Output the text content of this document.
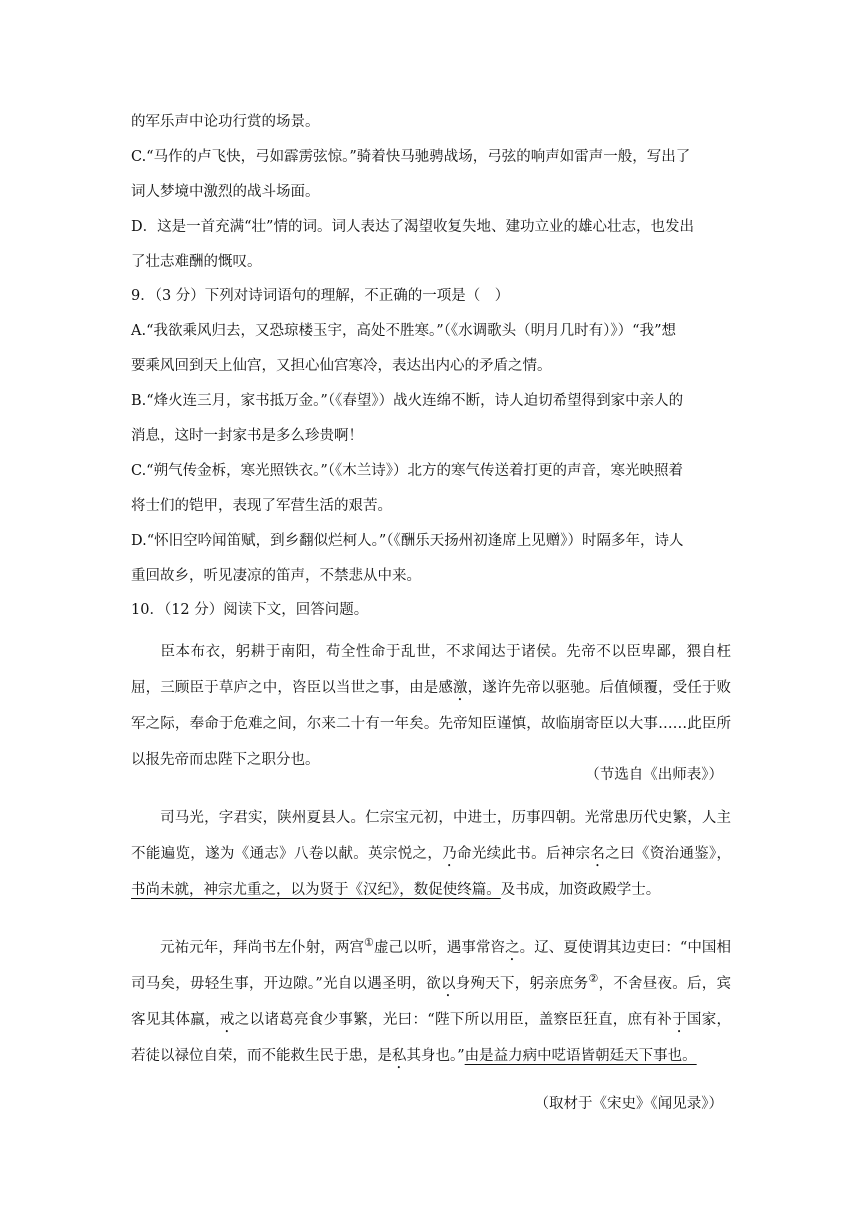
的军乐声中论功行赏的场景。
C.“马作的卢飞快，弓如霹雳弦惊。”骑着快马驰骋战场，弓弦的响声如雷声一般，写出了
词人梦境中激烈的战斗场面。
D．这是一首充满“壮”情的词。词人表达了渴望收复失地、建功立业的雄心壮志，也发出
了壮志难酬的慨叹。
9．（3 分）下列对诗词语句的理解，不正确的一项是（　）
A.“我欲乘风归去，又恐琼楼玉宇，高处不胜寒。”（《水调歌头（明月几时有）》）“我”想
要乘风回到天上仙宫，又担心仙宫寒冷，表达出内心的矛盾之情。
B.“烽火连三月，家书抵万金。”（《春望》）战火连绵不断，诗人迫切希望得到家中亲人的
消息，这时一封家书是多么珍贵啊！
C.“朔气传金柝，寒光照铁衣。”（《木兰诗》）北方的寒气传送着打更的声音，寒光映照着
将士们的铠甲，表现了军营生活的艰苦。
D.“怀旧空吟闻笛赋，到乡翻似烂柯人。”（《酬乐天扬州初逢席上见赠》）时隔多年，诗人
重回故乡，听见凄凉的笛声，不禁悲从中来。
10．（12 分）阅读下文，回答问题。
臣本布衣，躬耕于南阳，苟全性命于乱世，不求闻达于诸侯。先帝不以臣卑鄙，猥自枉屈，三顾臣于草庐之中，咨臣以当世之事，由是感激，遂许先帝以驱驰。后值倾覆，受任于败军之际，奉命于危难之间，尔来二十有一年矣。先帝知臣谨慎，故临崩寄臣以大事……此臣所以报先帝而忠陛下之职分也。
（节选自《出师表》）
司马光，字君实，陕州夏县人。仁宗宝元初，中进士，历事四朝。光常患历代史繁，人主不能遍览，遂为《通志》八卷以献。英宗悦之，乃命光续此书。后神宗名之曰《资治通鉴》，书尚未就，神宗尤重之，以为贤于《汉纪》，数促使终篇。及书成，加资政殿学士。
元祐元年，拜尚书左仆射，两宫①虚己以听，遇事常咨之。辽、夏使谓其边吏曰：“中国相司马矣，毋轻生事，开边隙。”光自以遇圣明，欲以身殉天下，躬亲庶务②，不舍昼夜。后，宾客见其体羸，戒之以诸葛亮食少事繁，光曰：“陛下所以用臣，盖察臣狂直，庶有补于国家，若徒以禄位自荣，而不能救生民于患，是私其身也。”由是益力病中呓语皆朝廷天下事也。
（取材于《宋史》《闻见录》）
